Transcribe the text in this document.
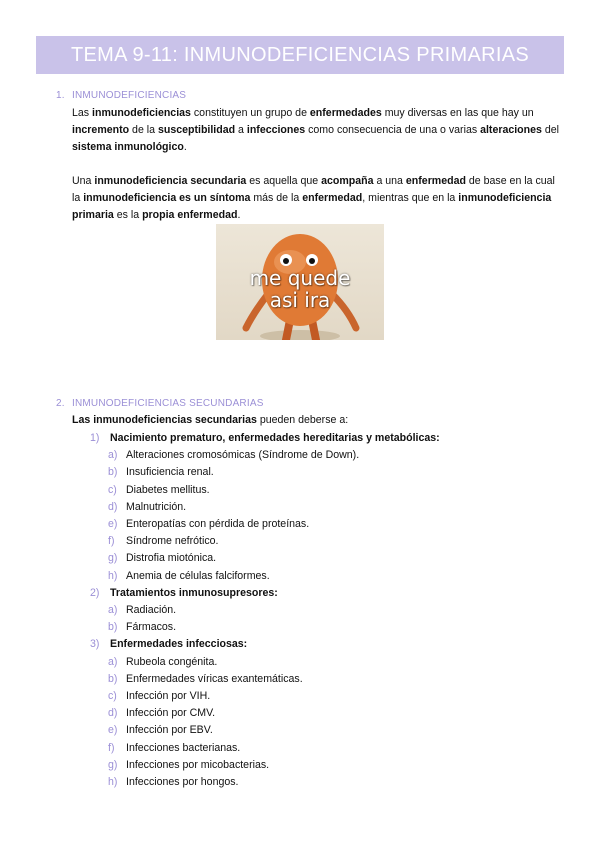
TEMA 9-11: INMUNODEFICIENCIAS PRIMARIAS
1. INMUNODEFICIENCIAS
Las inmunodeficiencias constituyen un grupo de enfermedades muy diversas en las que hay un incremento de la susceptibilidad a infecciones como consecuencia de una o varias alteraciones del sistema inmunológico.
Una inmunodeficiencia secundaria es aquella que acompaña a una enfermedad de base en la cual la inmunodeficiencia es un síntoma más de la enfermedad, mientras que en la inmunodeficiencia primaria es la propia enfermedad.
me quede
asi ira
2. INMUNODEFICIENCIAS SECUNDARIAS
Las inmunodeficiencias secundarias pueden deberse a:
1) Nacimiento prematuro, enfermedades hereditarias y metabólicas:
a) Alteraciones cromosómicas (Síndrome de Down).
b) Insuficiencia renal.
c) Diabetes mellitus.
d) Malnutrición.
e) Enteropatías con pérdida de proteínas.
f) Síndrome nefrótico.
g) Distrofia miotónica.
h) Anemia de células falciformes.
2) Tratamientos inmunosupresores:
a) Radiación.
b) Fármacos.
3) Enfermedades infecciosas:
a) Rubeola congénita.
b) Enfermedades víricas exantemáticas.
c) Infección por VIH.
d) Infección por CMV.
e) Infección por EBV.
f) Infecciones bacterianas.
g) Infecciones por micobacterias.
h) Infecciones por hongos.
